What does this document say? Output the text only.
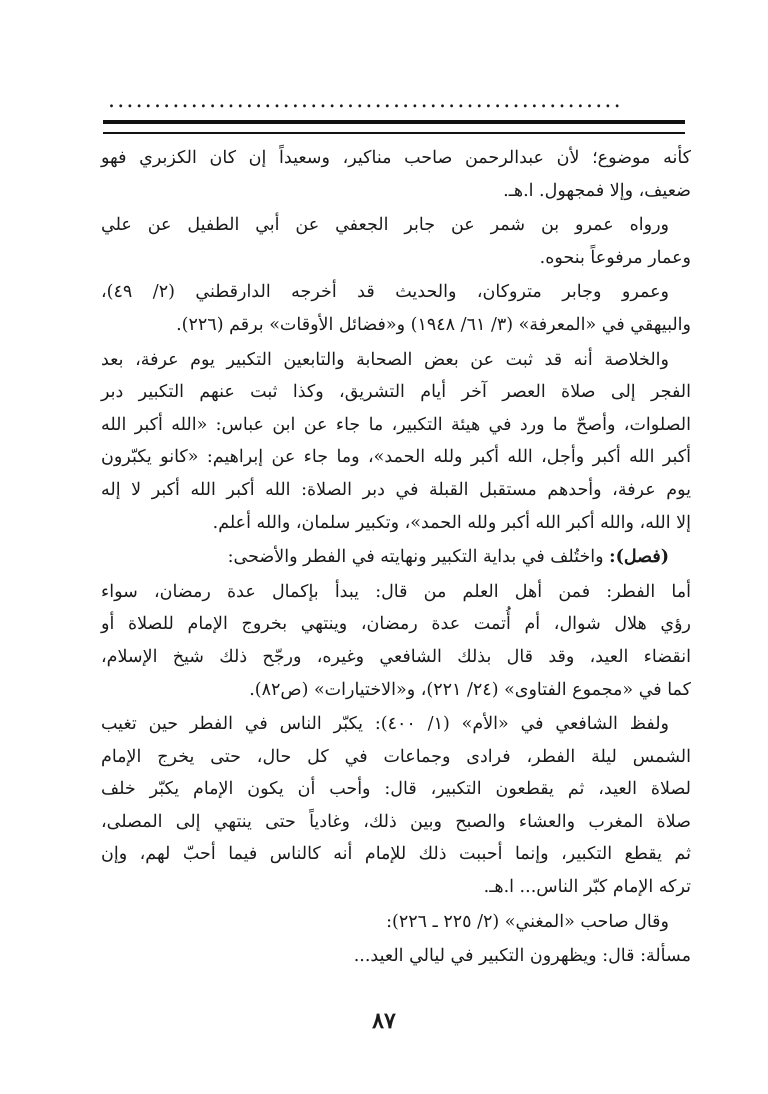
........................................................

كأنه موضوع؛ لأن عبدالرحمن صاحب مناكير، وسعيداً إن كان الكزبري فهو
ضعيف، وإلا فمجهول. ا.هـ.

ورواه عمرو بن شمر عن جابر الجعفي عن أبي الطفيل عن علي
وعمار مرفوعاً بنحوه.

وعمرو وجابر متروكان، والحديث قد أخرجه الدارقطني (٢/ ٤٩)،
والبيهقي في «المعرفة» (٣/ ٦١/ ١٩٤٨) و«فضائل الأوقات» برقم (٢٢٦).

والخلاصة أنه قد ثبت عن بعض الصحابة والتابعين التكبير يوم عرفة، بعد
الفجر إلى صلاة العصر آخر أيام التشريق، وكذا ثبت عنهم التكبير دبر
الصلوات، وأصحّ ما ورد في هيئة التكبير، ما جاء عن ابن عباس: «الله أكبر الله
أكبر الله أكبر وأجل، الله أكبر ولله الحمد»، وما جاء عن إبراهيم: «كانو يكبّرون
يوم عرفة، وأحدهم مستقبل القبلة في دبر الصلاة: الله أكبر الله أكبر لا إله
إلا الله، والله أكبر الله أكبر ولله الحمد»، وتكبير سلمان، والله أعلم.

(فصل): واختُلف في بداية التكبير ونهايته في الفطر والأضحى:

أما الفطر: فمن أهل العلم من قال: يبدأ بإكمال عدة رمضان، سواء
رؤي هلال شوال، أم أُتمت عدة رمضان، وينتهي بخروج الإمام للصلاة أو
انقضاء العيد، وقد قال بذلك الشافعي وغيره، ورجّح ذلك شيخ الإسلام،
كما في «مجموع الفتاوى» (٢٤/ ٢٢١)، و«الاختيارات» (ص٨٢).

ولفظ الشافعي في «الأم» (١/ ٤٠٠): يكبّر الناس في الفطر حين تغيب
الشمس ليلة الفطر، فرادى وجماعات في كل حال، حتى يخرج الإمام
لصلاة العيد، ثم يقطعون التكبير، قال: وأحب أن يكون الإمام يكبّر خلف
صلاة المغرب والعشاء والصبح وبين ذلك، وغادياً حتى ينتهي إلى المصلى،
ثم يقطع التكبير، وإنما أحببت ذلك للإمام أنه كالناس فيما أحبّ لهم، وإن
تركه الإمام كبّر الناس... ا.هـ.

وقال صاحب «المغني» (٢/ ٢٢٥ ـ ٢٢٦):

مسألة: قال: ويظهرون التكبير في ليالي العيد...

٨٧
